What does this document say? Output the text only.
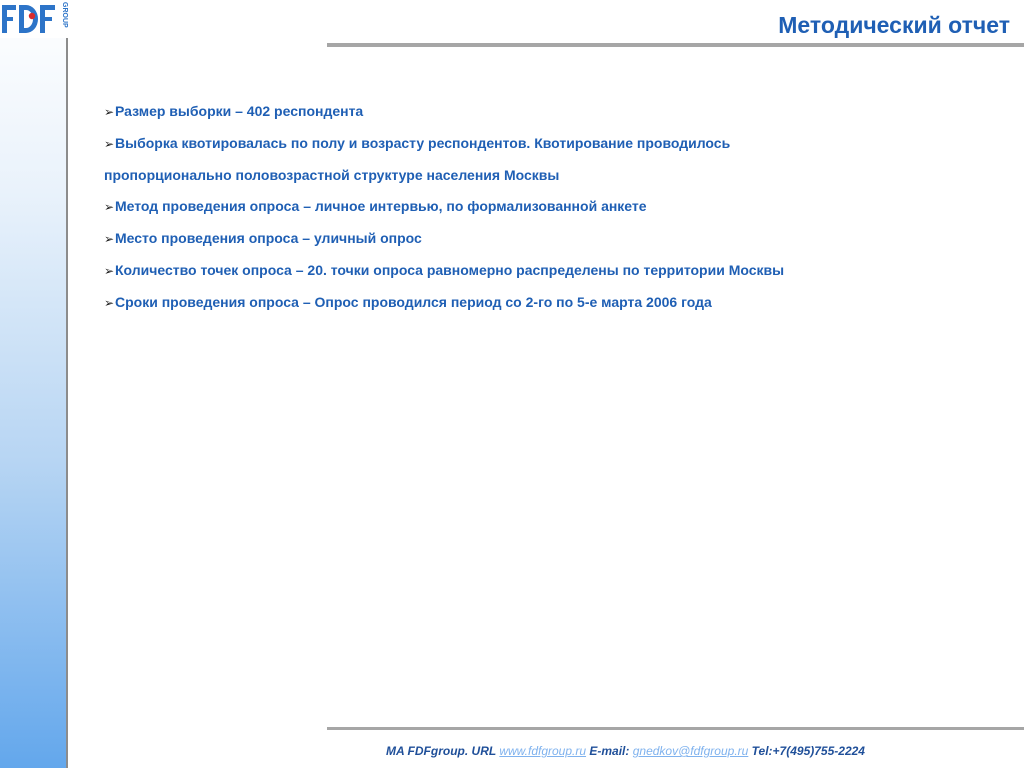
GROUP	Методический отчет
➢Размер выборки – 402 респондента
➢Выборка квотировалась по полу и возрасту респондентов. Квотирование проводилось
пропорционально половозрастной структуре населения Москвы
➢Метод проведения опроса – личное интервью, по формализованной анкете
➢Место проведения опроса – уличный опрос
➢Количество точек опроса – 20. точки опроса равномерно распределены по территории Москвы
➢Сроки проведения опроса – Опрос проводился период со 2-го по 5-е марта 2006 года
MA FDFgroup. URL www.fdfgroup.ru E-mail: gnedkov@fdfgroup.ru Tel:+7(495)755-2224
